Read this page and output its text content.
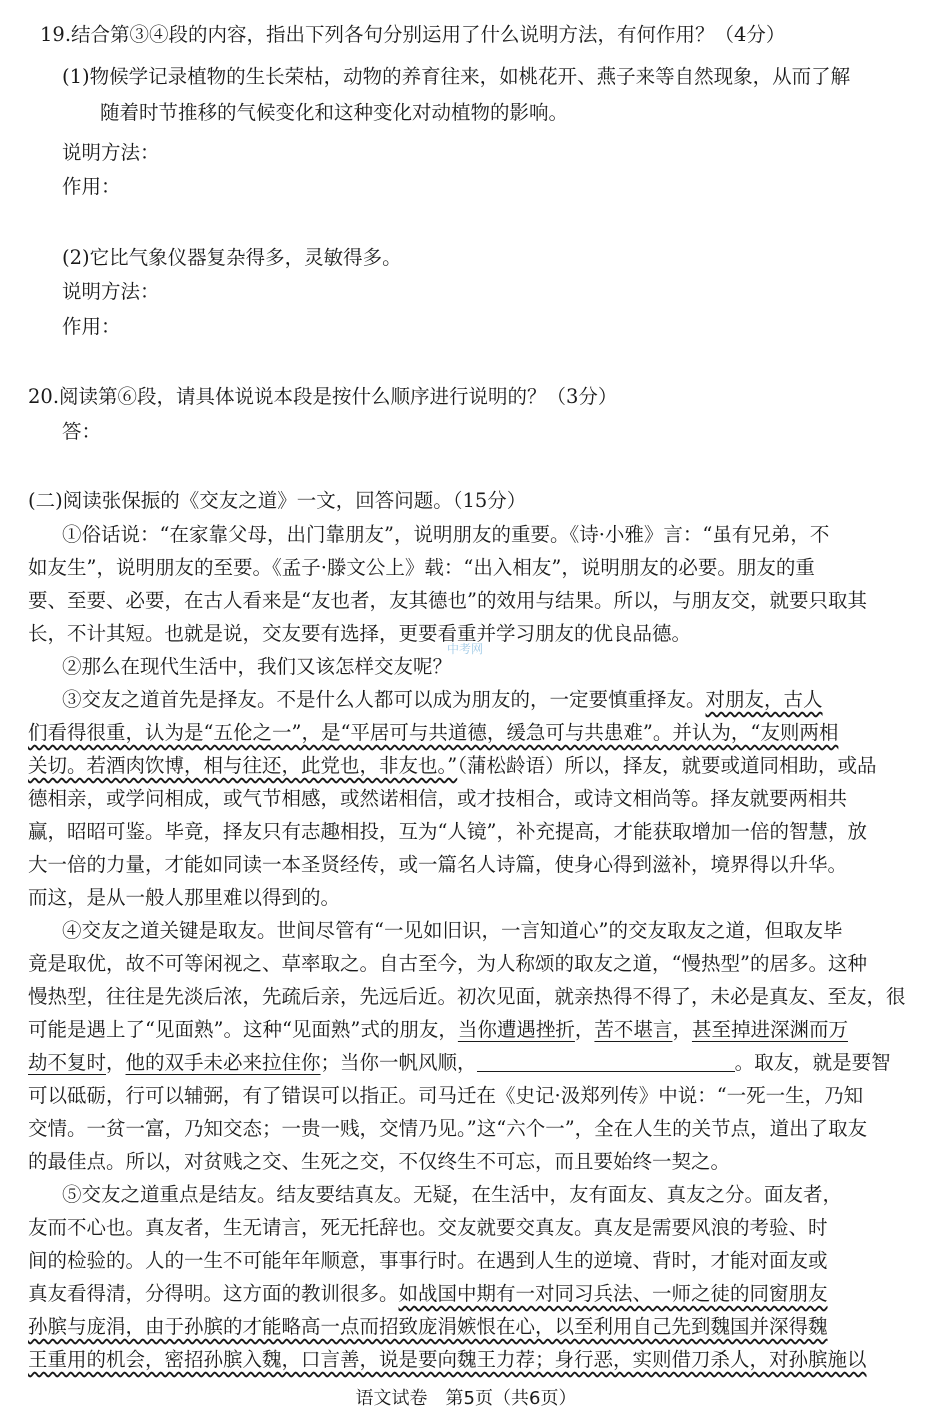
19.结合第③④段的内容，指出下列各句分别运用了什么说明方法，有何作用？（4分）
(1)物候学记录植物的生长荣枯，动物的养育往来，如桃花开、燕子来等自然现象，从而了解
随着时节推移的气候变化和这种变化对动植物的影响。
说明方法：
作用：
(2)它比气象仪器复杂得多，灵敏得多。
说明方法：
作用：
20.阅读第⑥段，请具体说说本段是按什么顺序进行说明的？（3分）
答：
(二)阅读张保振的《交友之道》一文，回答问题。（15分）
①俗话说：“在家靠父母，出门靠朋友”，说明朋友的重要。《诗·小雅》言：“虽有兄弟，不
如友生”，说明朋友的至要。《孟子·滕文公上》载：“出入相友”，说明朋友的必要。朋友的重
要、至要、必要，在古人看来是“友也者，友其德也”的效用与结果。所以，与朋友交，就要只取其
长，不计其短。也就是说，交友要有选择，更要看重并学习朋友的优良品德。
②那么在现代生活中，我们又该怎样交友呢？
③交友之道首先是择友。不是什么人都可以成为朋友的，一定要慎重择友。对朋友，古人
们看得很重，认为是“五伦之一”，是“平居可与共道德，缓急可与共患难”。并认为，“友则两相
关切。若酒肉饮博，相与往还，此党也，非友也。”（蒲松龄语）所以，择友，就要或道同相助，或品
德相亲，或学问相成，或气节相感，或然诺相信，或才技相合，或诗文相尚等。择友就要两相共
赢，昭昭可鉴。毕竟，择友只有志趣相投，互为“人镜”，补充提高，才能获取增加一倍的智慧，放
大一倍的力量，才能如同读一本圣贤经传，或一篇名人诗篇，使身心得到滋补，境界得以升华。
而这，是从一般人那里难以得到的。
④交友之道关键是取友。世间尽管有“一见如旧识，一言知道心”的交友取友之道，但取友毕
竟是取优，故不可等闲视之、草率取之。自古至今，为人称颂的取友之道，“慢热型”的居多。这种
慢热型，往往是先淡后浓，先疏后亲，先远后近。初次见面，就亲热得不得了，未必是真友、至友，很
可能是遇上了“见面熟”。这种“见面熟”式的朋友，当你遭遇挫折，苦不堪言，甚至掉进深渊而万
劫不复时，他的双手未必来拉住你；当你一帆风顺，	。取友，就是要智
可以砥砺，行可以辅弼，有了错误可以指正。司马迁在《史记·汲郑列传》中说：“一死一生，乃知
交情。一贫一富，乃知交态；一贵一贱，交情乃见。”这“六个一”，全在人生的关节点，道出了取友
的最佳点。所以，对贫贱之交、生死之交，不仅终生不可忘，而且要始终一契之。
⑤交友之道重点是结友。结友要结真友。无疑，在生活中，友有面友、真友之分。面友者，
友而不心也。真友者，生无请言，死无托辞也。交友就要交真友。真友是需要风浪的考验、时
间的检验的。人的一生不可能年年顺意，事事行时。在遇到人生的逆境、背时，才能对面友或
真友看得清，分得明。这方面的教训很多。如战国中期有一对同习兵法、一师之徒的同窗朋友
孙膑与庞涓，由于孙膑的才能略高一点而招致庞涓嫉恨在心，以至利用自己先到魏国并深得魏
王重用的机会，密招孙膑入魏，口言善，说是要向魏王力荐；身行恶，实则借刀杀人，对孙膑施以
中考网
语文试卷　第5页（共6页）
